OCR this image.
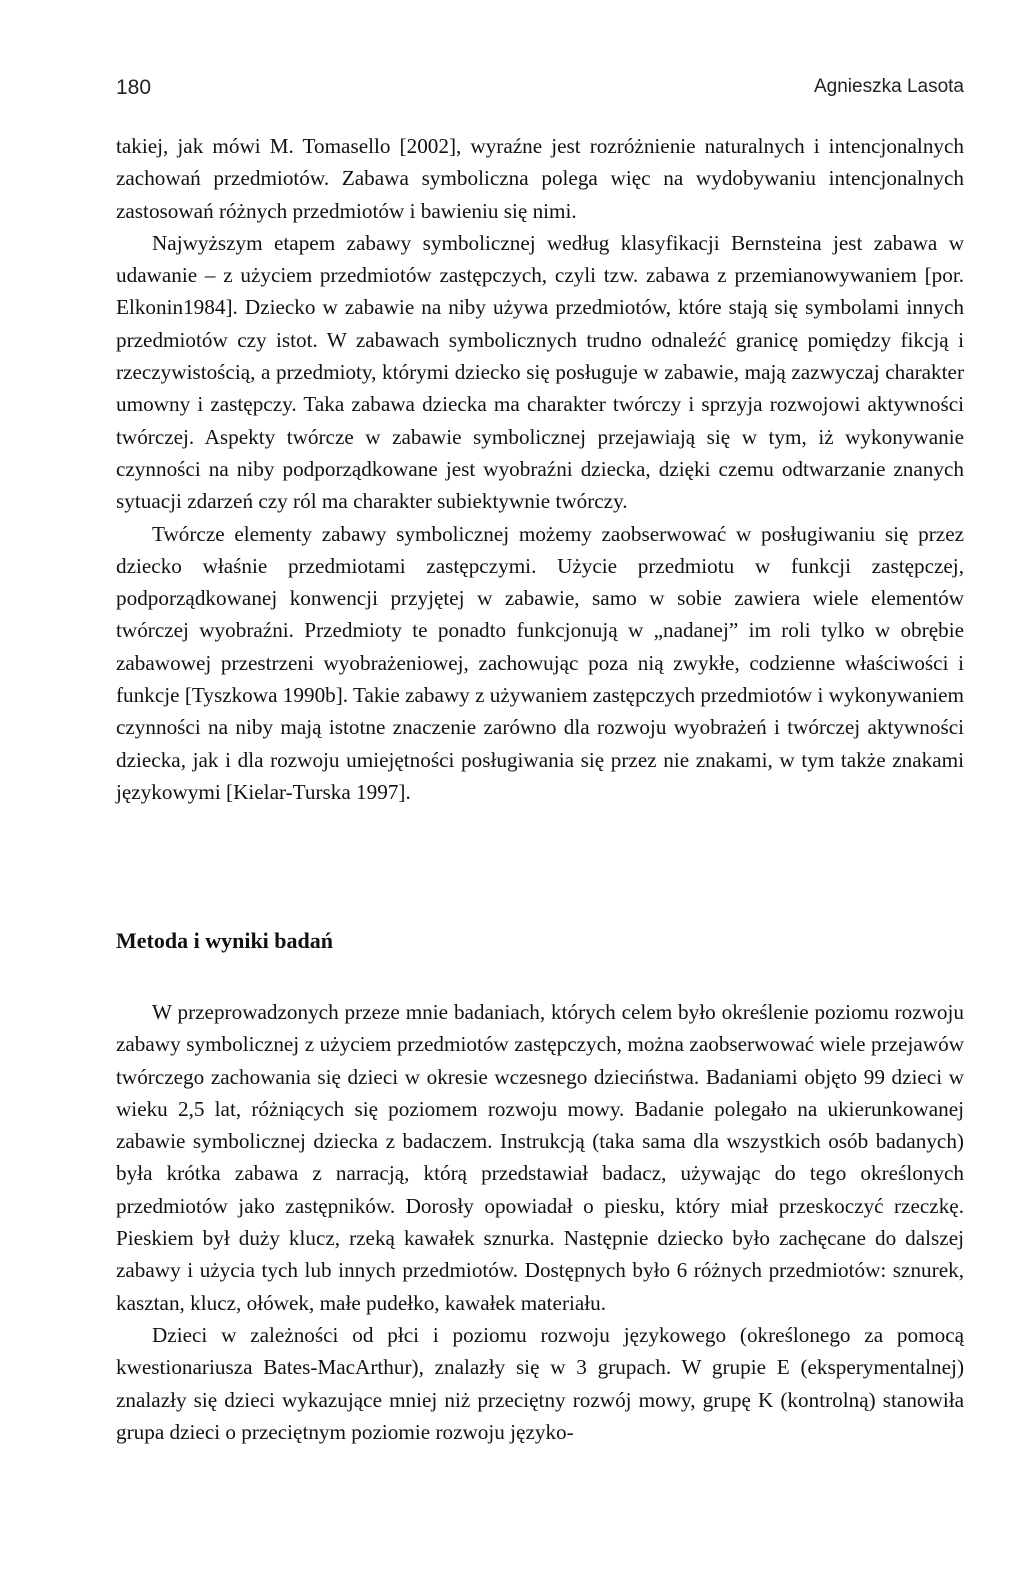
180	Agnieszka Lasota

takiej, jak mówi M. Tomasello [2002], wyraźne jest rozróżnienie naturalnych i intencjonalnych zachowań przedmiotów. Zabawa symboliczna polega więc na wydobywaniu intencjonalnych zastosowań różnych przedmiotów i bawieniu się nimi.

Najwyższym etapem zabawy symbolicznej według klasyfikacji Bernsteina jest zabawa w udawanie – z użyciem przedmiotów zastępczych, czyli tzw. zabawa z przemianowywaniem [por. Elkonin1984]. Dziecko w zabawie na niby używa przedmiotów, które stają się symbolami innych przedmiotów czy istot. W zabawach symbolicznych trudno odnaleźć granicę pomiędzy fikcją i rzeczywistością, a przedmioty, którymi dziecko się posługuje w zabawie, mają zazwyczaj charakter umowny i zastępczy. Taka zabawa dziecka ma charakter twórczy i sprzyja rozwojowi aktywności twórczej. Aspekty twórcze w zabawie symbolicznej przejawiają się w tym, iż wykonywanie czynności na niby podporządkowane jest wyobraźni dziecka, dzięki czemu odtwarzanie znanych sytuacji zdarzeń czy ról ma charakter subiektywnie twórczy.

Twórcze elementy zabawy symbolicznej możemy zaobserwować w posługiwaniu się przez dziecko właśnie przedmiotami zastępczymi. Użycie przedmiotu w funkcji zastępczej, podporządkowanej konwencji przyjętej w zabawie, samo w sobie zawiera wiele elementów twórczej wyobraźni. Przedmioty te ponadto funkcjonują w „nadanej” im roli tylko w obrębie zabawowej przestrzeni wyobrażeniowej, zachowując poza nią zwykłe, codzienne właściwości i funkcje [Tyszkowa 1990b]. Takie zabawy z używaniem zastępczych przedmiotów i wykonywaniem czynności na niby mają istotne znaczenie zarówno dla rozwoju wyobrażeń i twórczej aktywności dziecka, jak i dla rozwoju umiejętności posługiwania się przez nie znakami, w tym także znakami językowymi [Kielar-Turska 1997].

Metoda i wyniki badań

W przeprowadzonych przeze mnie badaniach, których celem było określenie poziomu rozwoju zabawy symbolicznej z użyciem przedmiotów zastępczych, można zaobserwować wiele przejawów twórczego zachowania się dzieci w okresie wczesnego dzieciństwa. Badaniami objęto 99 dzieci w wieku 2,5 lat, różniących się poziomem rozwoju mowy. Badanie polegało na ukierunkowanej zabawie symbolicznej dziecka z badaczem. Instrukcją (taka sama dla wszystkich osób badanych) była krótka zabawa z narracją, którą przedstawiał badacz, używając do tego określonych przedmiotów jako zastępników. Dorosły opowiadał o piesku, który miał przeskoczyć rzeczkę. Pieskiem był duży klucz, rzeką kawałek sznurka. Następnie dziecko było zachęcane do dalszej zabawy i użycia tych lub innych przedmiotów. Dostępnych było 6 różnych przedmiotów: sznurek, kasztan, klucz, ołówek, małe pudełko, kawałek materiału.

Dzieci w zależności od płci i poziomu rozwoju językowego (określonego za pomocą kwestionariusza Bates-MacArthur), znalazły się w 3 grupach. W grupie E (eksperymentalnej) znalazły się dzieci wykazujące mniej niż przeciętny rozwój mowy, grupę K (kontrolną) stanowiła grupa dzieci o przeciętnym poziomie rozwoju języko-
